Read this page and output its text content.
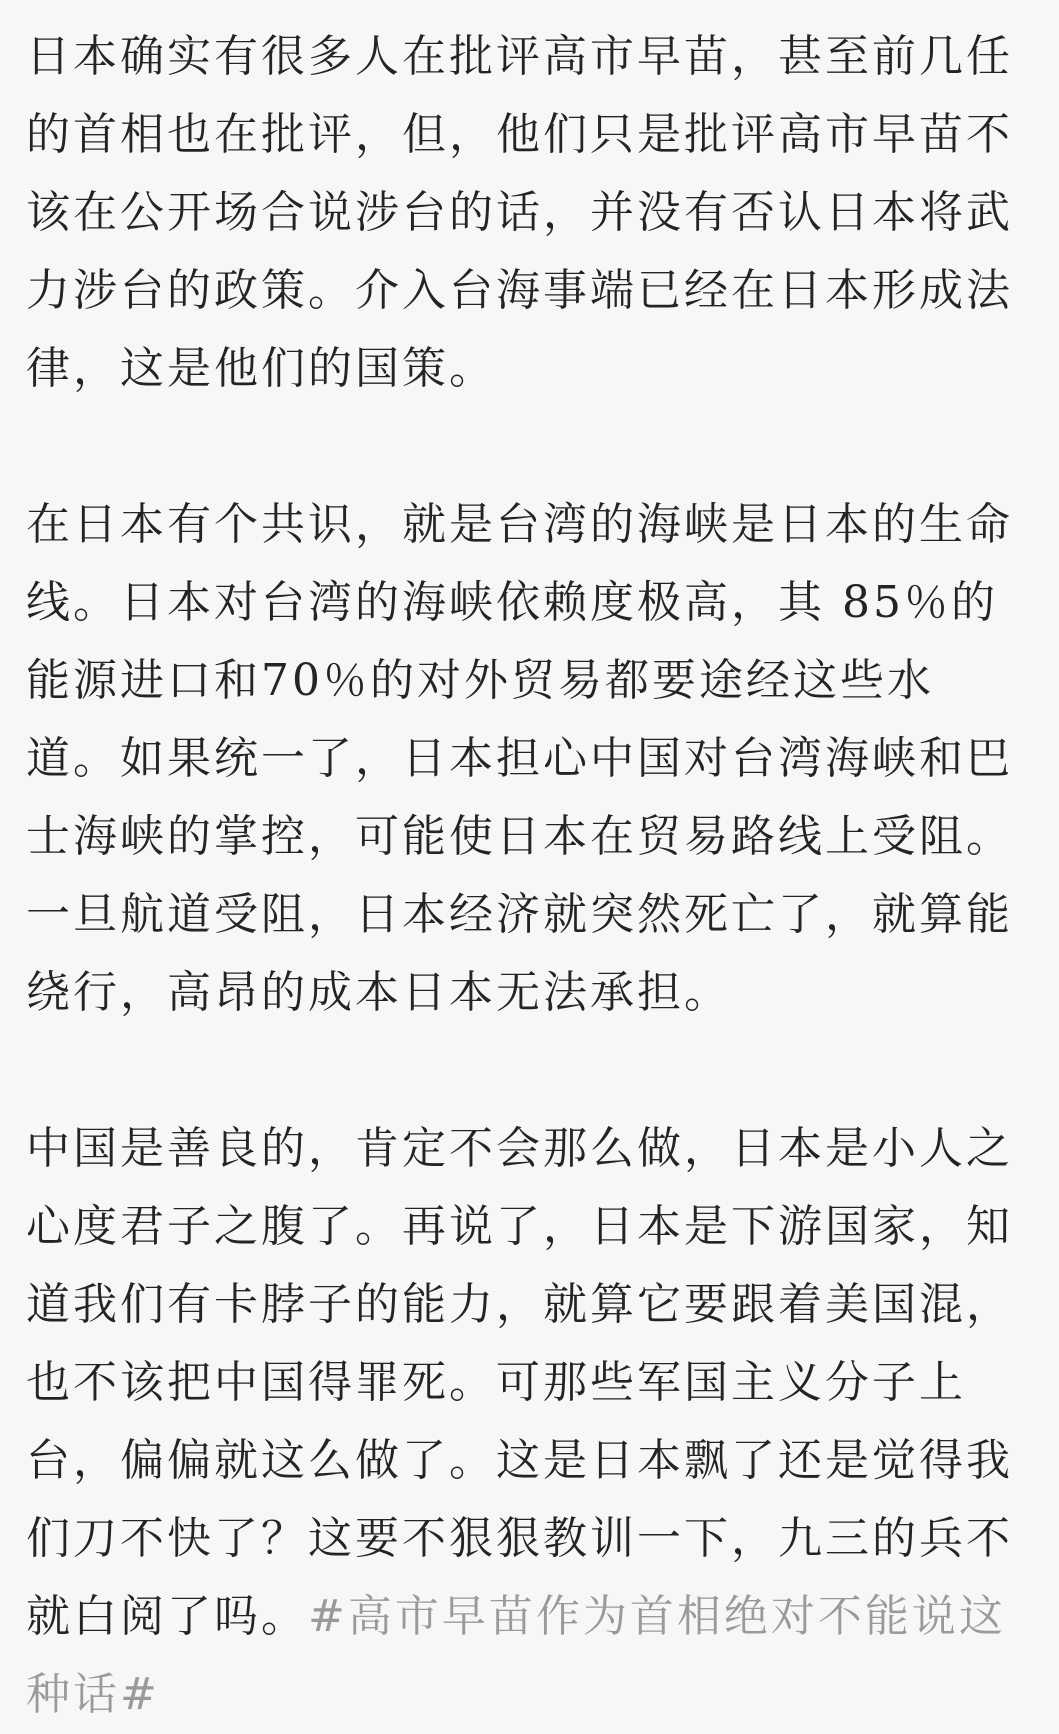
日本确实有很多人在批评高市早苗，甚至前几任的首相也在批评，但，他们只是批评高市早苗不该在公开场合说涉台的话，并没有否认日本将武力涉台的政策。介入台海事端已经在日本形成法律，这是他们的国策。

在日本有个共识，就是台湾的海峡是日本的生命线。日本对台湾的海峡依赖度极高，其 85％的能源进口和70％的对外贸易都要途经这些水道。如果统一了，日本担心中国对台湾海峡和巴士海峡的掌控，可能使日本在贸易路线上受阻。一旦航道受阻，日本经济就突然死亡了，就算能绕行，高昂的成本日本无法承担。

中国是善良的，肯定不会那么做，日本是小人之心度君子之腹了。再说了，日本是下游国家，知道我们有卡脖子的能力，就算它要跟着美国混，也不该把中国得罪死。可那些军国主义分子上台，偏偏就这么做了。这是日本飘了还是觉得我们刀不快了？这要不狠狠教训一下，九三的兵不就白阅了吗。#高市早苗作为首相绝对不能说这种话#
